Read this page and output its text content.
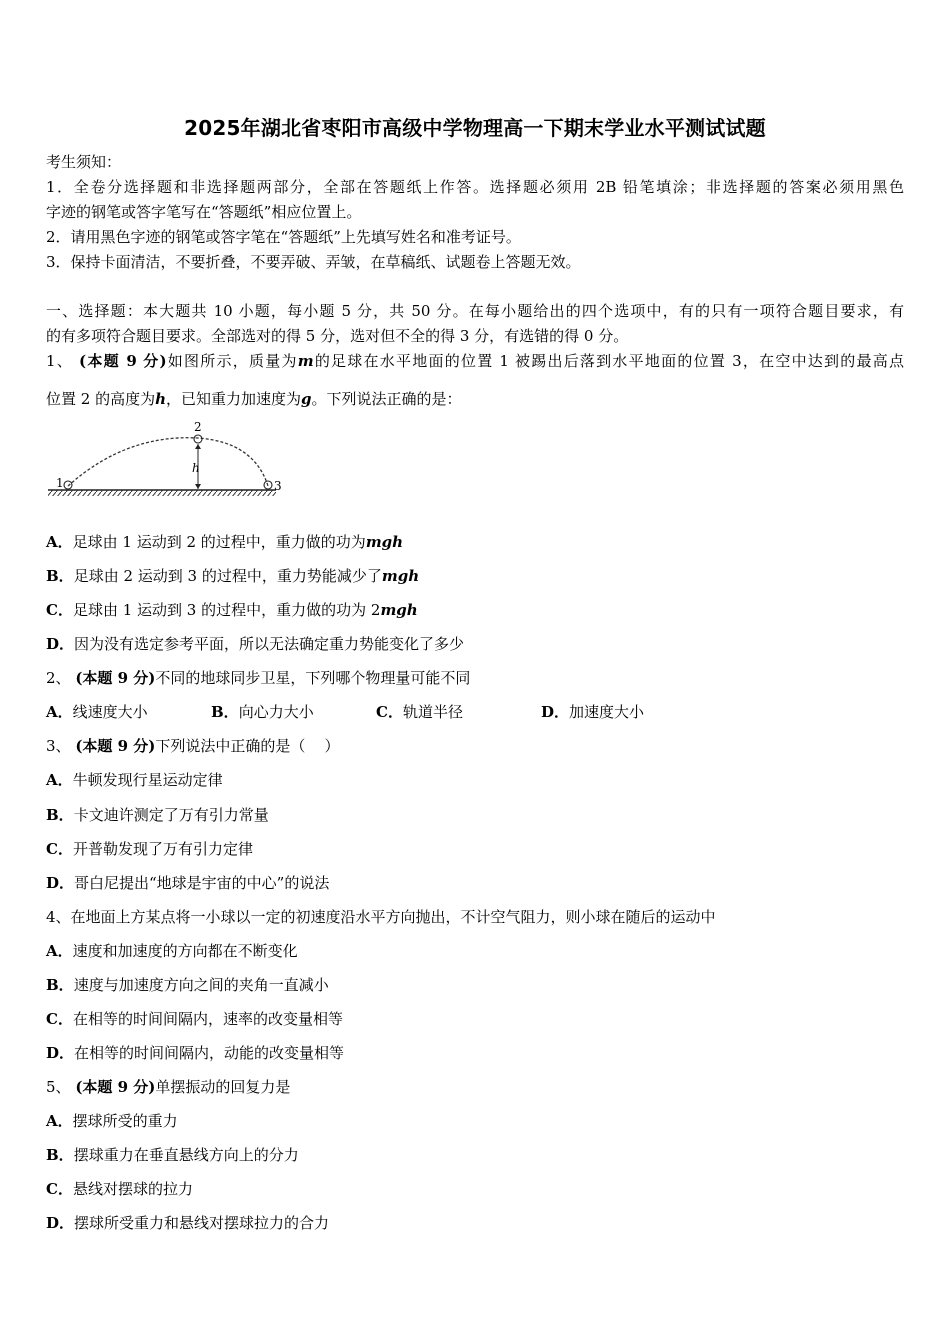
2025年湖北省枣阳市高级中学物理高一下期末学业水平测试试题
考生须知：
1．全卷分选择题和非选择题两部分，全部在答题纸上作答。选择题必须用 2B 铅笔填涂；非选择题的答案必须用黑色
字迹的钢笔或答字笔写在“答题纸”相应位置上。
2．请用黑色字迹的钢笔或答字笔在“答题纸”上先填写姓名和准考证号。
3．保持卡面清洁，不要折叠，不要弄破、弄皱，在草稿纸、试题卷上答题无效。
一、选择题：本大题共 10 小题，每小题 5 分，共 50 分。在每小题给出的四个选项中，有的只有一项符合题目要求，有
的有多项符合题目要求。全部选对的得 5 分，选对但不全的得 3 分，有选错的得 0 分。
1、 (本题 9 分)如图所示，质量为m的足球在水平地面的位置 1 被踢出后落到水平地面的位置 3，在空中达到的最高点
位置 2 的高度为h，已知重力加速度为g。下列说法正确的是：
1
2
3
h
A．足球由 1 运动到 2 的过程中，重力做的功为mgh
B．足球由 2 运动到 3 的过程中，重力势能减少了mgh
C．足球由 1 运动到 3 的过程中，重力做的功为 2mgh
D．因为没有选定参考平面，所以无法确定重力势能变化了多少
2、 (本题 9 分)不同的地球同步卫星，下列哪个物理量可能不同
A．线速度大小	B．向心力大小	C．轨道半径	D．加速度大小
3、 (本题 9 分)下列说法中正确的是（    ）
A．牛顿发现行星运动定律
B．卡文迪许测定了万有引力常量
C．开普勒发现了万有引力定律
D．哥白尼提出“地球是宇宙的中心”的说法
4、在地面上方某点将一小球以一定的初速度沿水平方向抛出，不计空气阻力，则小球在随后的运动中
A．速度和加速度的方向都在不断变化
B．速度与加速度方向之间的夹角一直减小
C．在相等的时间间隔内，速率的改变量相等
D．在相等的时间间隔内，动能的改变量相等
5、 (本题 9 分)单摆振动的回复力是
A．摆球所受的重力
B．摆球重力在垂直悬线方向上的分力
C．悬线对摆球的拉力
D．摆球所受重力和悬线对摆球拉力的合力
